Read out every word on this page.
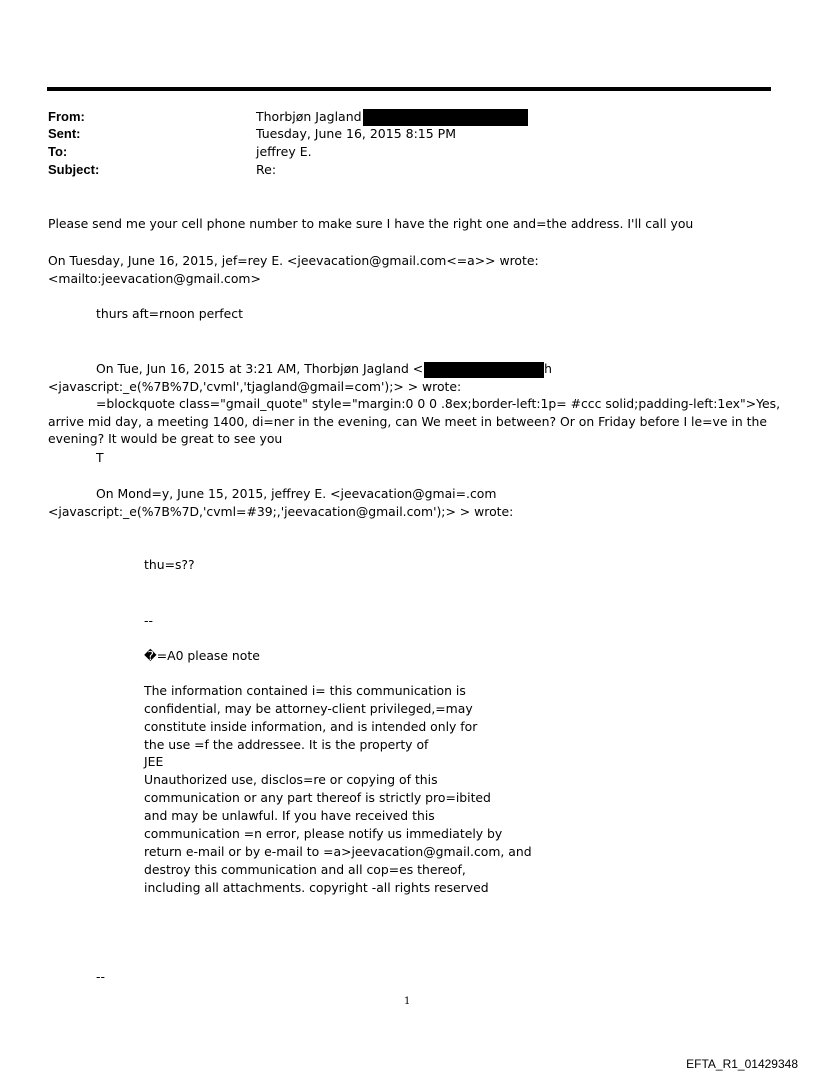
From:	Thorbjøn Jagland
Sent:	Tuesday, June 16, 2015 8:15 PM
To:	jeffrey E.
Subject:	Re:
Please send me your cell phone number to make sure I have the right one and=the address. I'll call you
On Tuesday, June 16, 2015, jef=rey E. <jeevacation@gmail.com<=a>> wrote:
<mailto:jeevacation@gmail.com>
thurs aft=rnoon perfect
On Tue, Jun 16, 2015 at 3:21 AM, Thorbjøn Jagland <	h
<javascript:_e(%7B%7D,'cvml','tjagland@gmail=com');> > wrote:
=blockquote class="gmail_quote" style="margin:0 0 0 .8ex;border-left:1p= #ccc solid;padding-left:1ex">Yes,
arrive mid day, a meeting 1400, di=ner in the evening, can We meet in between? Or on Friday before I le=ve in the
evening? It would be great to see you
T
On Mond=y, June 15, 2015, jeffrey E. <jeevacation@gmai=.com
<javascript:_e(%7B%7D,'cvml=#39;,'jeevacation@gmail.com');> > wrote:
thu=s??
--
�=A0 please note
The information contained i= this communication is
confidential, may be attorney-client privileged,=may
constitute inside information, and is intended only for
the use =f the addressee. It is the property of
JEE
Unauthorized use, disclos=re or copying of this
communication or any part thereof is strictly pro=ibited
and may be unlawful. If you have received this
communication =n error, please notify us immediately by
return e-mail or by e-mail to =a>jeevacation@gmail.com, and
destroy this communication and all cop=es thereof,
including all attachments. copyright -all rights reserved
--
1
EFTA_R1_01429348
